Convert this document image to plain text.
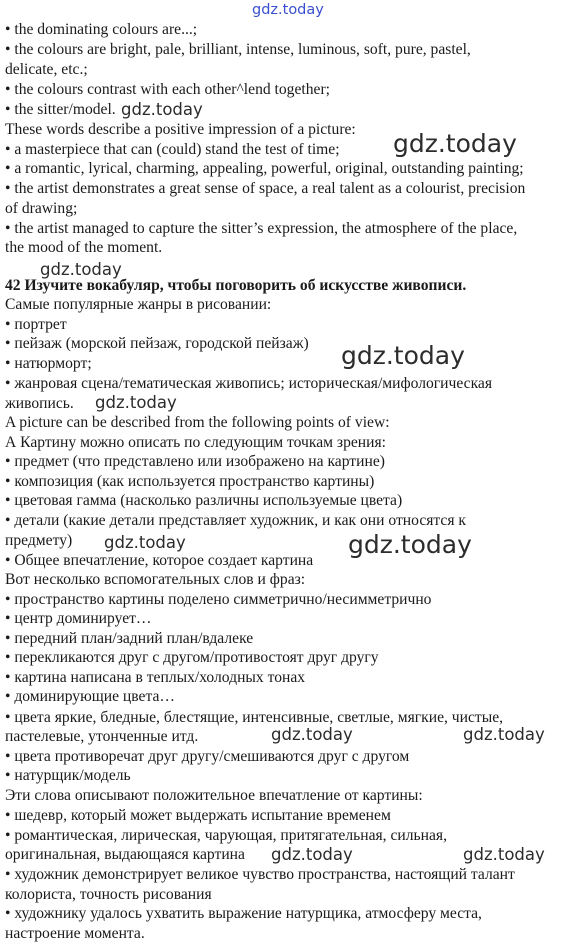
• the dominating colours are...;
• the colours are bright, pale, brilliant, intense, luminous, soft, pure, pastel,
delicate, etc.;
• the colours contrast with each other^lend together;
• the sitter/model.
These words describe a positive impression of a picture:
• a masterpiece that can (could) stand the test of time;
• a romantic, lyrical, charming, appealing, powerful, original, outstanding painting;
• the artist demonstrates a great sense of space, a real talent as a colourist, precision
of drawing;
• the artist managed to capture the sitter’s expression, the atmosphere of the place,
the mood of the moment.
42 Изучите вокабуляр, чтобы поговорить об искусстве живописи.
Самые популярные жанры в рисовании:
• портрет
• пейзаж (морской пейзаж, городской пейзаж)
• натюрморт;
• жанровая сцена/тематическая живопись; историческая/мифологическая
живопись.
A picture can be described from the following points of view:
А Картину можно описать по следующим точкам зрения:
• предмет (что представлено или изображено на картине)
• композиция (как используется пространство картины)
• цветовая гамма (насколько различны используемые цвета)
• детали (какие детали представляет художник, и как они относятся к
предмету)
• Общее впечатление, которое создает картина
Вот несколько вспомогательных слов и фраз:
• пространство картины поделено симметрично/несимметрично
• центр доминирует…
• передний план/задний план/вдалеке
• перекликаются друг с другом/противостоят друг другу
• картина написана в теплых/холодных тонах
• доминирующие цвета…
• цвета яркие, бледные, блестящие, интенсивные, светлые, мягкие, чистые,
пастелевые, утонченные итд.
• цвета противоречат друг другу/смешиваются друг с другом
• натурщик/модель
Эти слова описывают положительное впечатление от картины:
• шедевр, который может выдержать испытание временем
• романтическая, лирическая, чарующая, притягательная, сильная,
оригинальная, выдающаяся картина
• художник демонстрирует великое чувство пространства, настоящий талант
колориста, точность рисования
• художнику удалось ухватить выражение натурщика, атмосферу места,
настроение момента.
gdz.today
gdz.today
gdz.today
gdz.today
gdz.today
gdz.today
gdz.today	gdz.today
gdz.today	gdz.today
gdz.today	gdz.today
